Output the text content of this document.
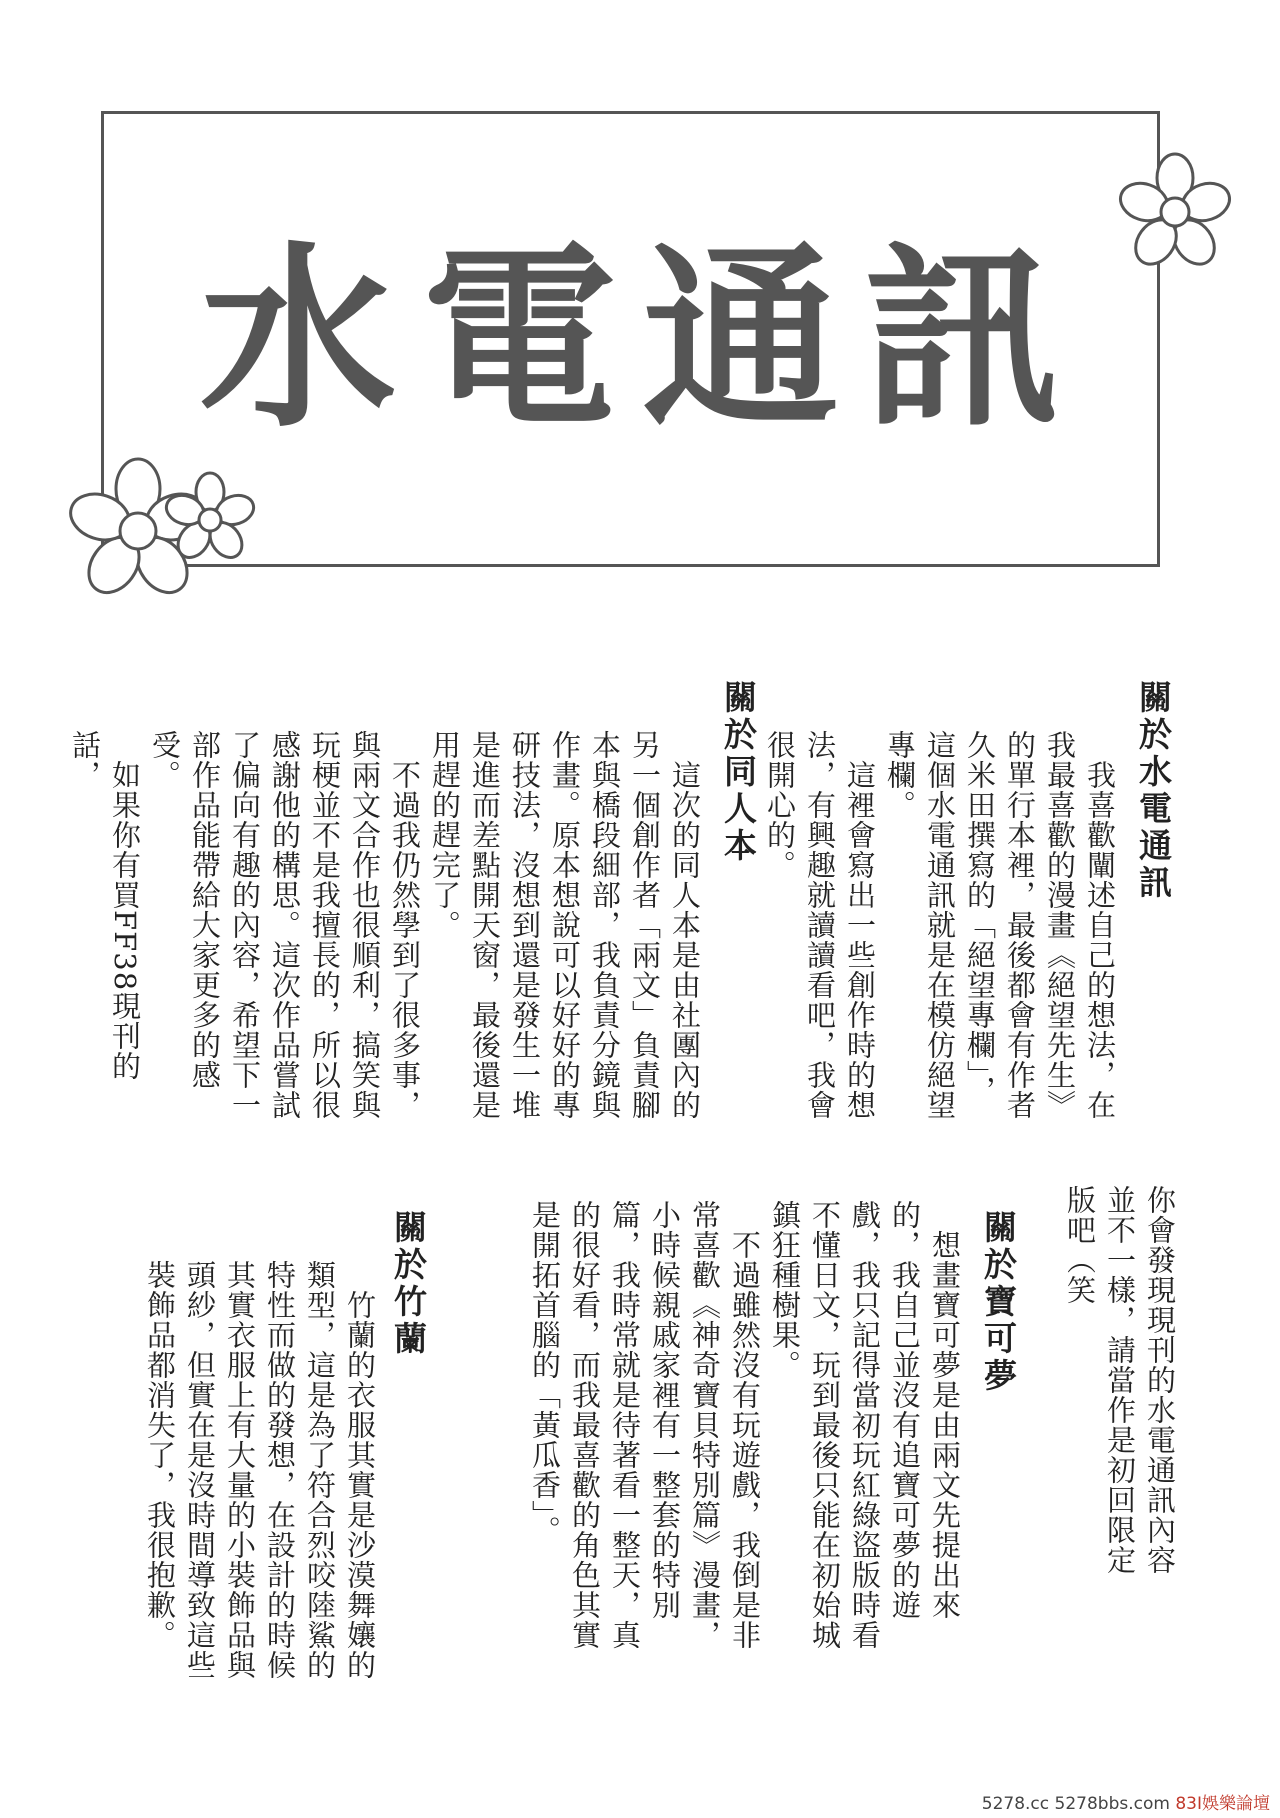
水 電 通 訊
關於水電通訊
　我喜歡闡述自己的想法，在我最喜歡的漫畫《絕望先生》的單行本裡，最後都會有作者久米田撰寫的「絕望專欄」，這個水電通訊就是在模仿絕望專欄。
　這裡會寫出一些創作時的想法，有興趣就讀讀看吧，我會很開心的。
關於同人本
　這次的同人本是由社團內的另一個創作者「兩文」負責腳本與橋段細部，我負責分鏡與作畫。原本想說可以好好的專研技法，沒想到還是發生一堆是進而差點開天窗，最後還是用趕的趕完了。
　不過我仍然學到了很多事，與兩文合作也很順利，搞笑與玩梗並不是我擅長的，所以很感謝他的構思。這次作品嘗試了偏向有趣的內容，希望下一部作品能帶給大家更多的感受。
　如果你有買FF38現刊的話，
你會發現現刊的水電通訊內容並不一樣，請當作是初回限定版吧（笑
關於寶可夢
　想畫寶可夢是由兩文先提出來的，我自己並沒有追寶可夢的遊戲，我只記得當初玩紅綠盜版時看不懂日文，玩到最後只能在初始城鎮狂種樹果。
　不過雖然沒有玩遊戲，我倒是非常喜歡《神奇寶貝特別篇》漫畫，小時候親戚家裡有一整套的特別篇，我時常就是待著看一整天，真的很好看，而我最喜歡的角色其實是開拓首腦的「黃瓜香」。
關於竹蘭
　竹蘭的衣服其實是沙漠舞孃的類型，這是為了符合烈咬陸鯊的特性而做的發想，在設計的時候其實衣服上有大量的小裝飾品與頭紗，但實在是沒時間導致這些裝飾品都消失了，我很抱歉。
5278.cc 5278bbs.com 83I娛樂論壇
